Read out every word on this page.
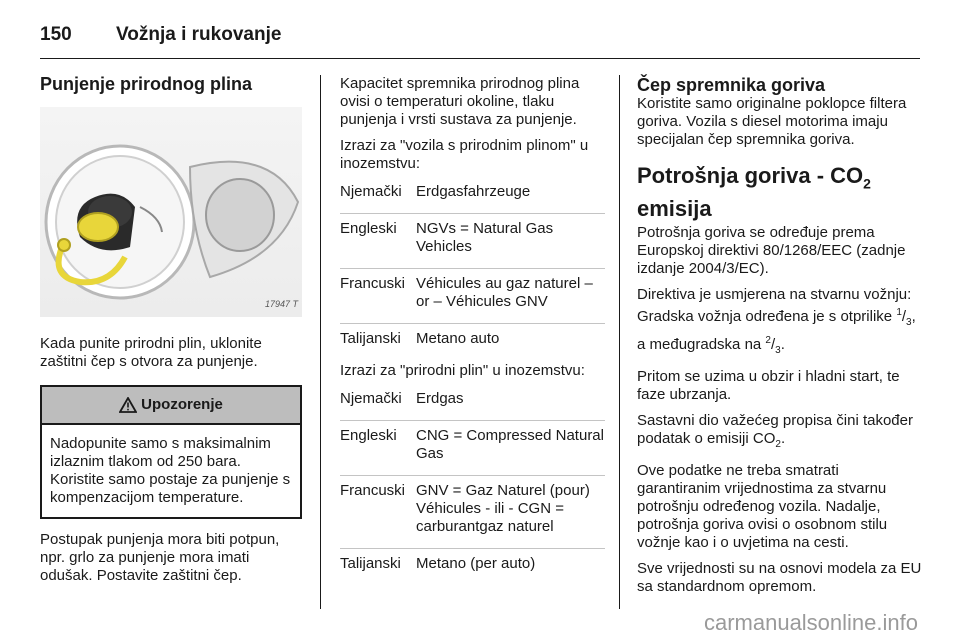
150 Vožnja i rukovanje
Punjenje prirodnog plina
17947 T

Kada punite prirodni plin, uklonite zaštitni čep s otvora za punjenje.

Upozorenje
Nadopunite samo s maksimalnim izlaznim tlakom od 250 bara. Koristite samo postaje za punjenje s kompenzacijom temperature.

Postupak punjenja mora biti potpun, npr. grlo za punjenje mora imati odušak. Postavite zaštitni čep.

Kapacitet spremnika prirodnog plina ovisi o temperaturi okoline, tlaku punjenja i vrsti sustava za punjenje.

Izrazi za "vozila s prirodnim plinom" u inozemstvu:

Njemački	Erdgasfahrzeuge
Engleski	NGVs = Natural Gas Vehicles
Francuski	Véhicules au gaz naturel – or – Véhicules GNV
Talijanski	Metano auto

Izrazi za "prirodni plin" u inozemstvu:

Njemački	Erdgas
Engleski	CNG = Compressed Natural Gas
Francuski	GNV = Gaz Naturel (pour) Véhicules - ili - CGN = carburantgaz naturel
Talijanski	Metano (per auto)
Čep spremnika goriva

Koristite samo originalne poklopce filtera goriva. Vozila s diesel motorima imaju specijalan čep spremnika goriva.

Potrošnja goriva - $CO_2$
emisija

Potrošnja goriva se određuje prema Europskoj direktivi 80/1268/EEC (zadnje izdanje 2004/3/EC).

Direktiva je usmjerena na stvarnu vožnju: Gradska vožnja određena je s otprilike $^1/_3$, a međugradska na $^2/_3$.

Pritom se uzima u obzir i hladni start, te faze ubrzanja.

Sastavni dio važećeg propisa čini također podatak o emisiji $CO_2$.

Ove podatke ne treba smatrati garantiranim vrijednostima za stvarnu potrošnju određenog vozila. Nadalje, potrošnja goriva ovisi o osobnom stilu vožnje kao i o uvjetima na cesti.

Sve vrijednosti su na osnovi modela za EU sa standardnom opremom.

carmanualsonline.info
